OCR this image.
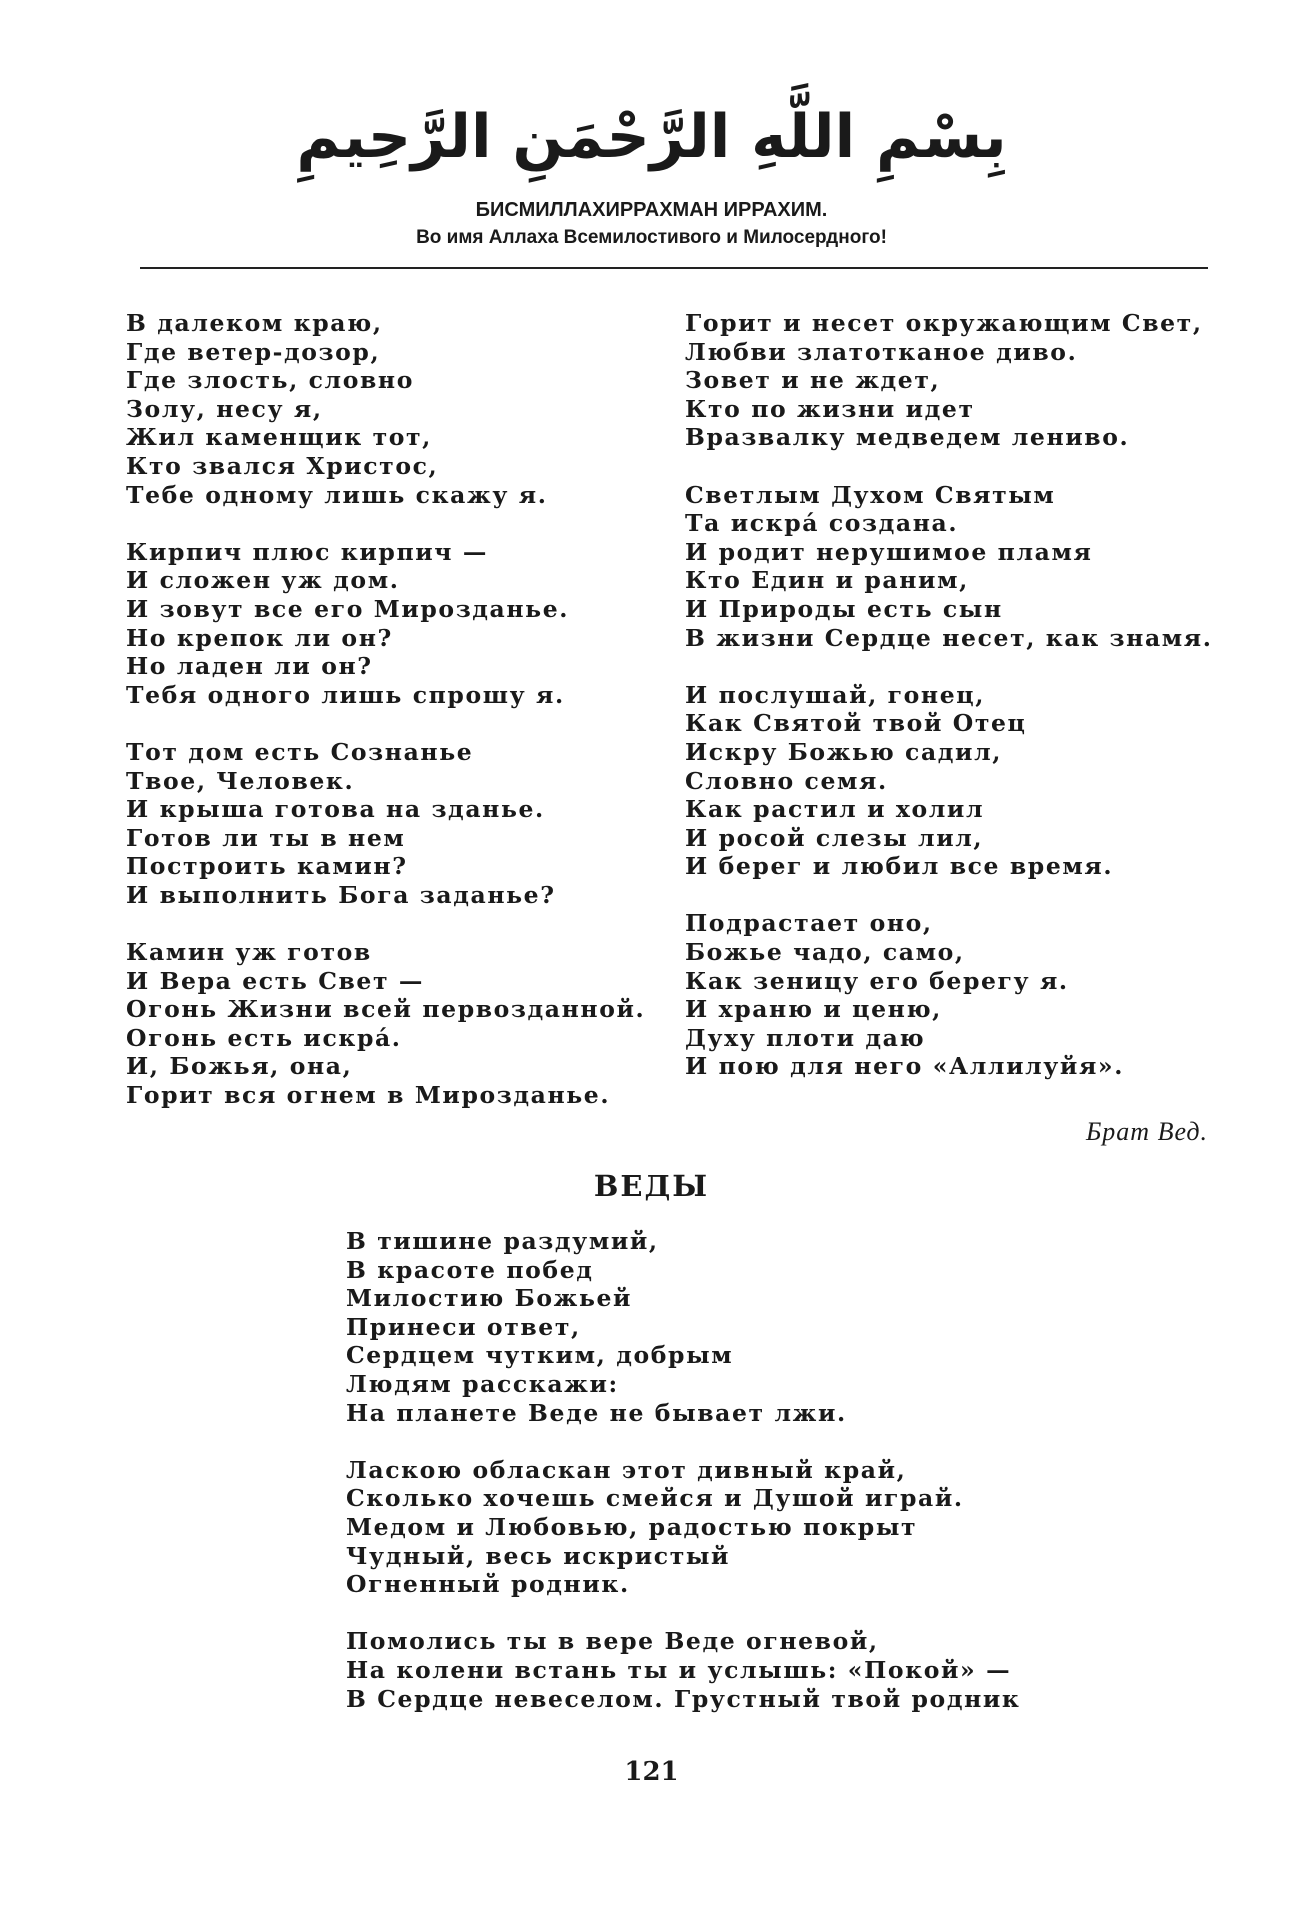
بِسْمِ اللَّهِ الرَّحْمَنِ الرَّحِيمِ
БИСМИЛЛАХИРРАХМАН ИРРАХИМ.
Во имя Аллаха Всемилостивого и Милосердного!
В далеком краю,
Где ветер-дозор,
Где злость, словно
Золу, несу я,
Жил каменщик тот,
Кто звался Христос,
Тебе одному лишь скажу я.
Кирпич плюс кирпич —
И сложен уж дом.
И зовут все его Мирозданье.
Но крепок ли он?
Но ладен ли он?
Тебя одного лишь спрошу я.
Тот дом есть Сознанье
Твое, Человек.
И крыша готова на зданье.
Готов ли ты в нем
Построить камин?
И выполнить Бога заданье?
Камин уж готов
И Вера есть Свет —
Огонь Жизни всей первозданной.
Огонь есть искра́.
И, Божья, она,
Горит вся огнем в Мирозданье.
Горит и несет окружающим Свет,
Любви златотканое диво.
Зовет и не ждет,
Кто по жизни идет
Вразвалку медведем лениво.
Светлым Духом Святым
Та искра́ создана.
И родит нерушимое пламя
Кто Един и раним,
И Природы есть сын
В жизни Сердце несет, как знамя.
И послушай, гонец,
Как Святой твой Отец
Искру Божью садил,
Словно семя.
Как растил и холил
И росой слезы лил,
И берег и любил все время.
Подрастает оно,
Божье чадо, само,
Как зеницу его берегу я.
И храню и ценю,
Духу плоти даю
И пою для него «Аллилуйя».
Брат Вед.
ВЕДЫ
В тишине раздумий,
В красоте побед
Милостию Божьей
Принеси ответ,
Сердцем чутким, добрым
Людям расскажи:
На планете Веде не бывает лжи.
Ласкою обласкан этот дивный край,
Сколько хочешь смейся и Душой играй.
Медом и Любовью, радостью покрыт
Чудный, весь искристый
Огненный родник.
Помолись ты в вере Веде огневой,
На колени встань ты и услышь: «Покой» —
В Сердце невеселом. Грустный твой родник
121
